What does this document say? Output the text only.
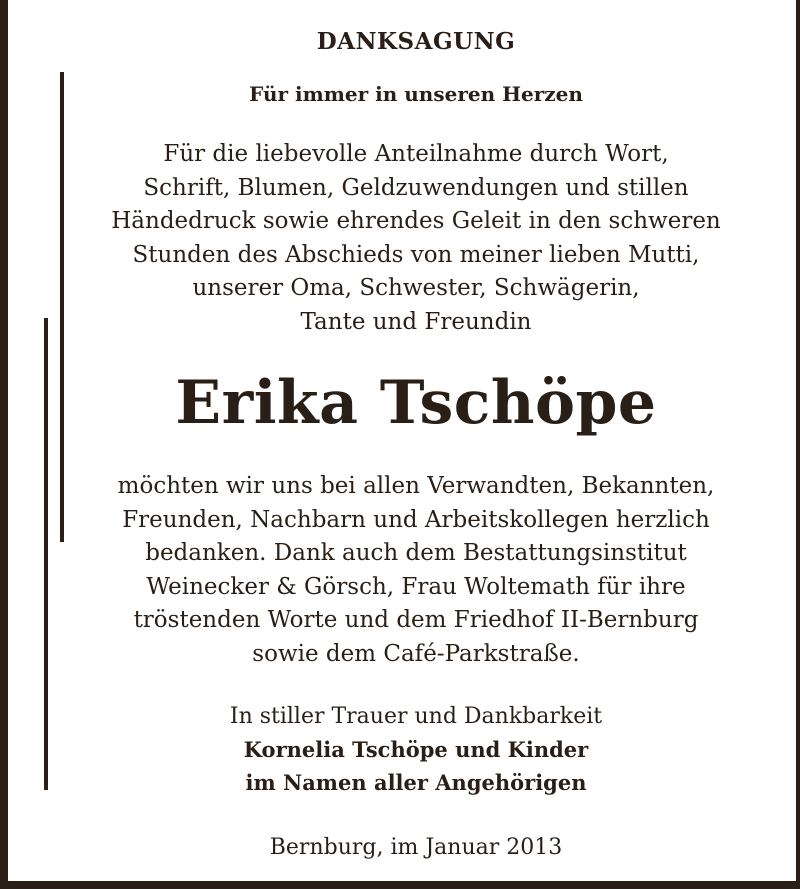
DANKSAGUNG
Für immer in unseren Herzen
Für die liebevolle Anteilnahme durch Wort,
Schrift, Blumen, Geldzuwendungen und stillen
Händedruck sowie ehrendes Geleit in den schweren
Stunden des Abschieds von meiner lieben Mutti,
unserer Oma, Schwester, Schwägerin,
Tante und Freundin
Erika Tschöpe
möchten wir uns bei allen Verwandten, Bekannten,
Freunden, Nachbarn und Arbeitskollegen herzlich
bedanken. Dank auch dem Bestattungsinstitut
Weinecker & Görsch, Frau Woltemath für ihre
tröstenden Worte und dem Friedhof II-Bernburg
sowie dem Café-Parkstraße.
In stiller Trauer und Dankbarkeit
Kornelia Tschöpe und Kinder
im Namen aller Angehörigen
Bernburg, im Januar 2013
